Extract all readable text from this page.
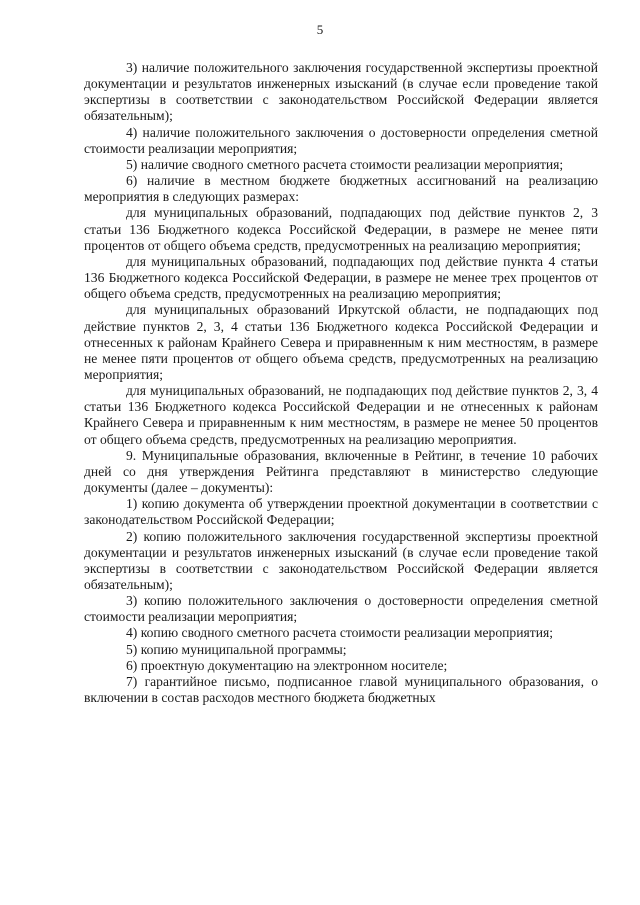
5

3) наличие положительного заключения государственной экспертизы проектной документации и результатов инженерных изысканий (в случае если проведение такой экспертизы в соответствии с законодательством Российской Федерации является обязательным);

4) наличие положительного заключения о достоверности определения сметной стоимости реализации мероприятия;

5) наличие сводного сметного расчета стоимости реализации мероприятия;

6) наличие в местном бюджете бюджетных ассигнований на реализацию мероприятия в следующих размерах:

для муниципальных образований, подпадающих под действие пунктов 2, 3 статьи 136 Бюджетного кодекса Российской Федерации, в размере не менее пяти процентов от общего объема средств, предусмотренных на реализацию мероприятия;

для муниципальных образований, подпадающих под действие пункта 4 статьи 136 Бюджетного кодекса Российской Федерации, в размере не менее трех процентов от общего объема средств, предусмотренных на реализацию мероприятия;

для муниципальных образований Иркутской области, не подпадающих под действие пунктов 2, 3, 4 статьи 136 Бюджетного кодекса Российской Федерации и отнесенных к районам Крайнего Севера и приравненным к ним местностям, в размере не менее пяти процентов от общего объема средств, предусмотренных на реализацию мероприятия;

для муниципальных образований, не подпадающих под действие пунктов 2, 3, 4 статьи 136 Бюджетного кодекса Российской Федерации и не отнесенных к районам Крайнего Севера и приравненным к ним местностям, в размере не менее 50 процентов от общего объема средств, предусмотренных на реализацию мероприятия.

9. Муниципальные образования, включенные в Рейтинг, в течение 10 рабочих дней со дня утверждения Рейтинга представляют в министерство следующие документы (далее – документы):

1) копию документа об утверждении проектной документации в соответствии с законодательством Российской Федерации;

2) копию положительного заключения государственной экспертизы проектной документации и результатов инженерных изысканий (в случае если проведение такой экспертизы в соответствии с законодательством Российской Федерации является обязательным);

3) копию положительного заключения о достоверности определения сметной стоимости реализации мероприятия;

4) копию сводного сметного расчета стоимости реализации мероприятия;

5) копию муниципальной программы;

6) проектную документацию на электронном носителе;

7) гарантийное письмо, подписанное главой муниципального образования, о включении в состав расходов местного бюджета бюджетных
